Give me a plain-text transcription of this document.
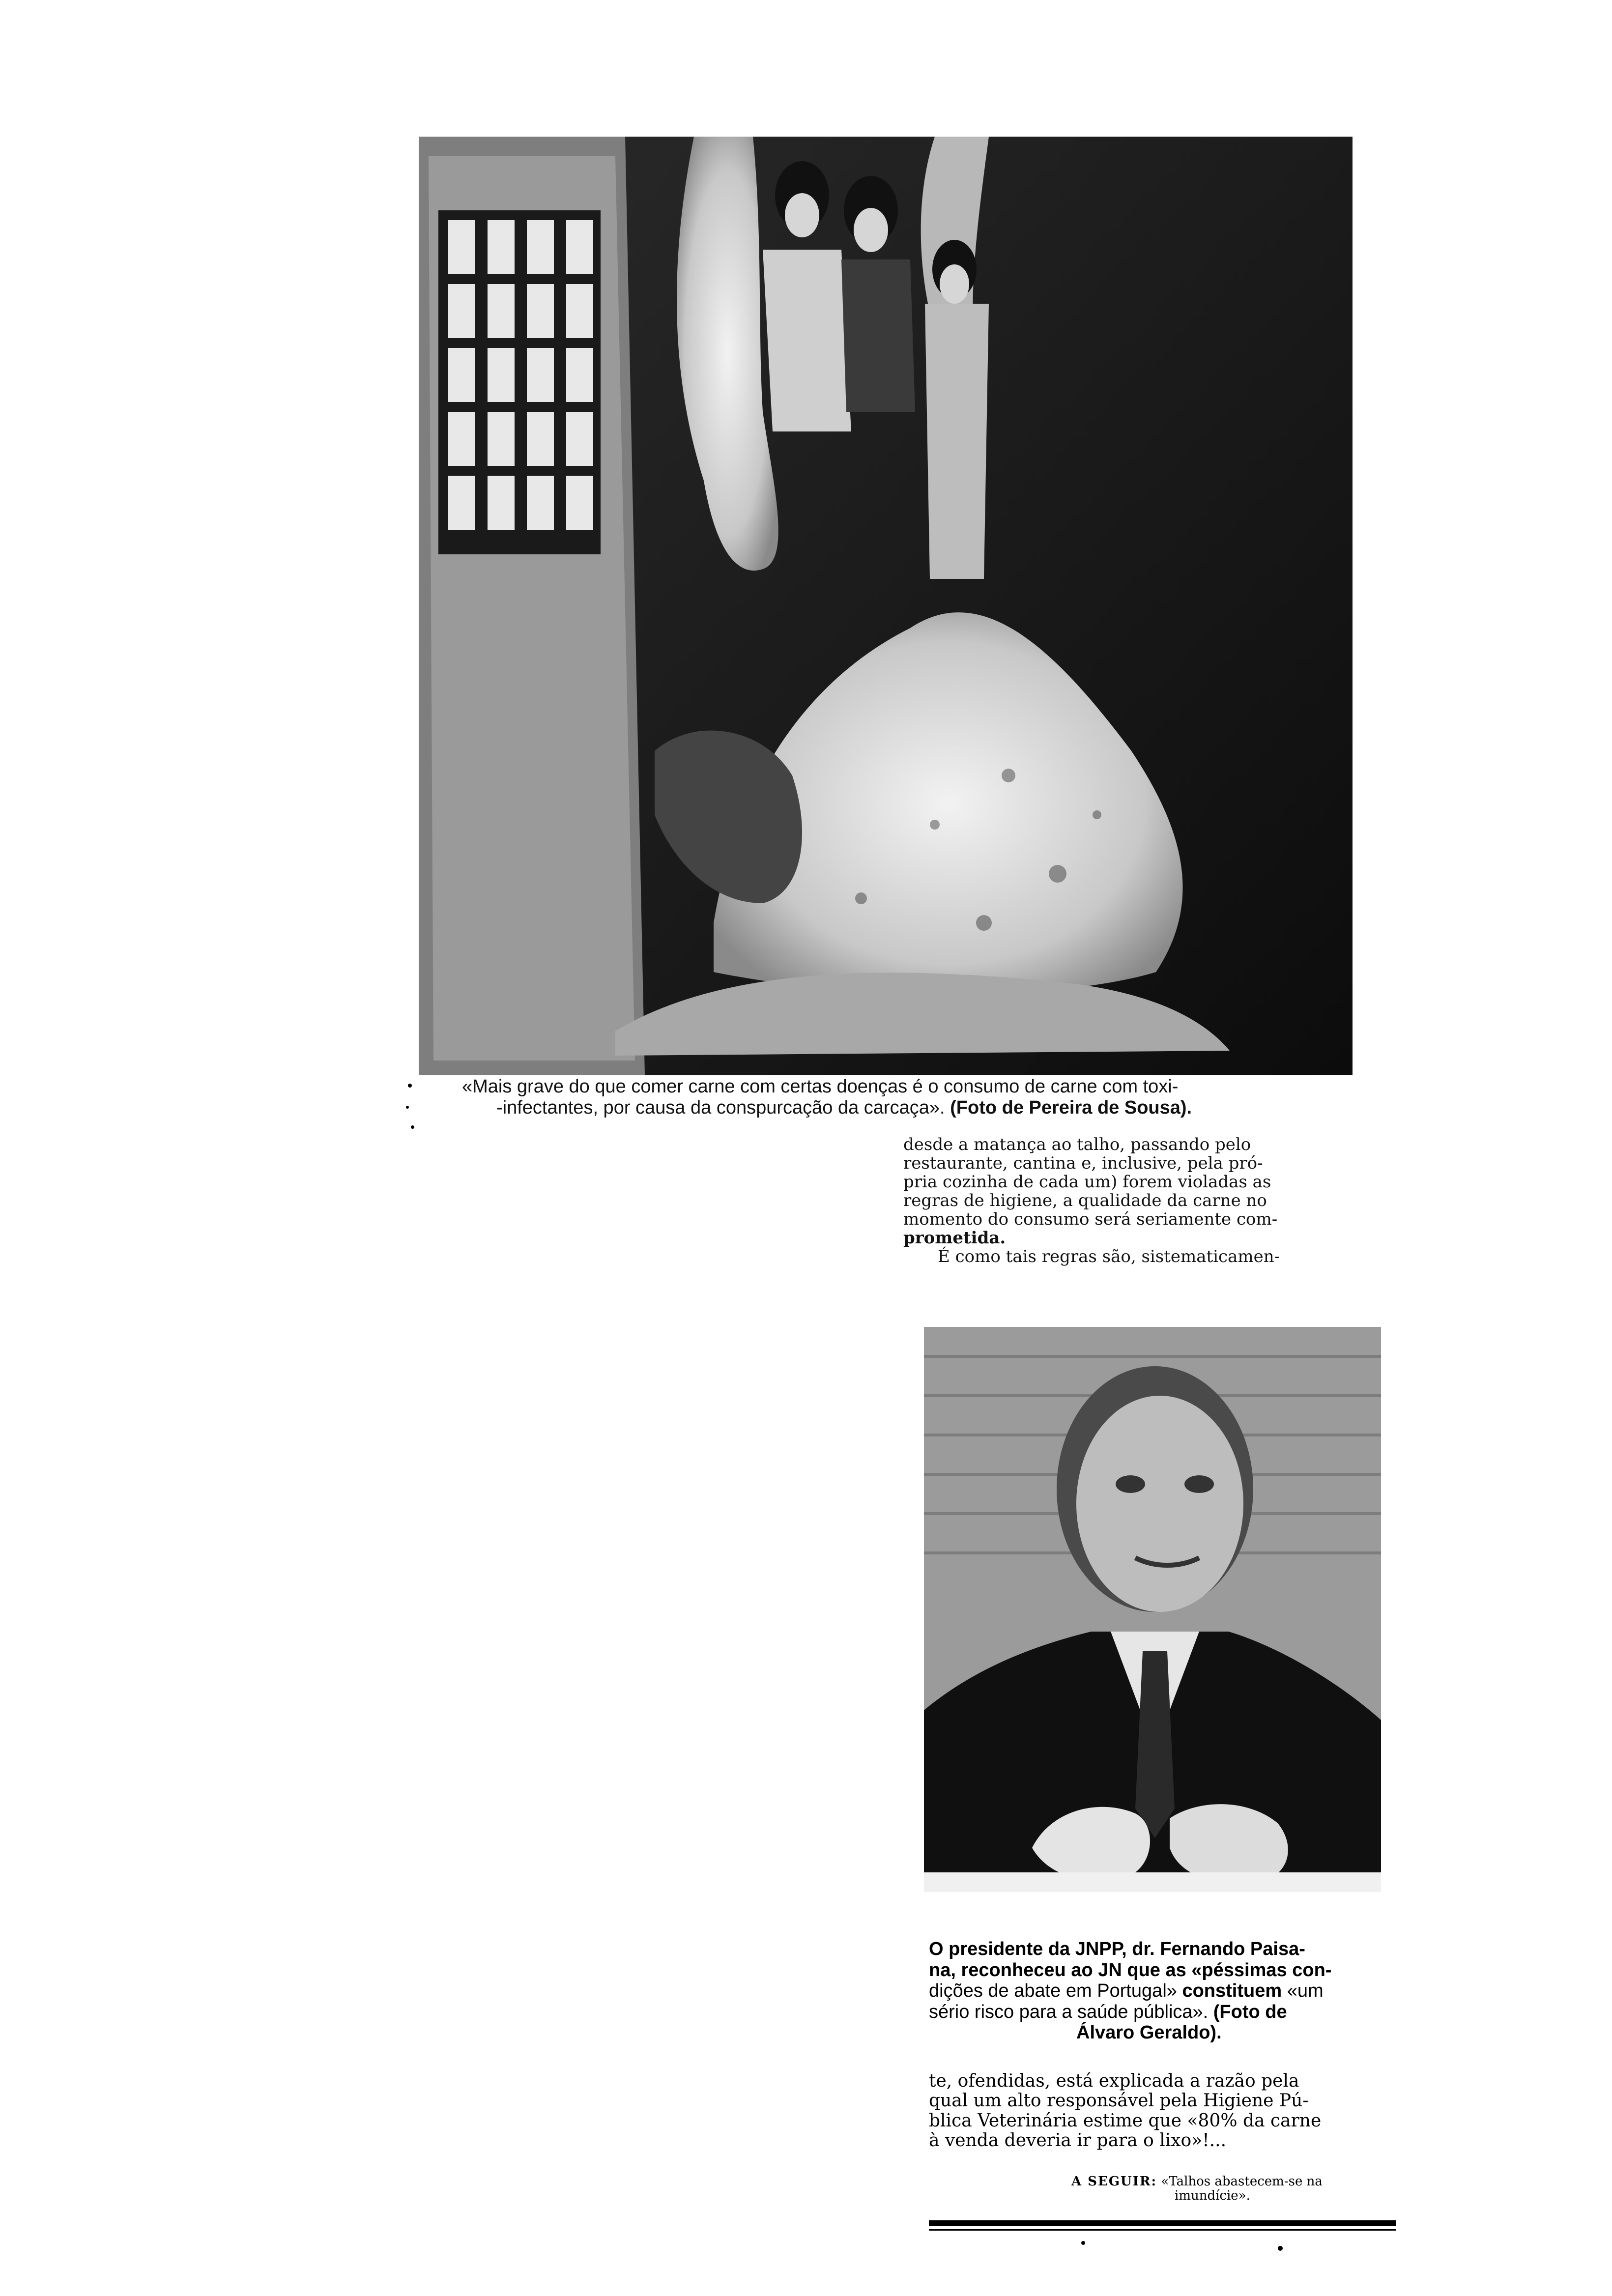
«Mais grave do que comer carne com certas doenças é o consumo de carne com toxi-
-infectantes, por causa da conspurcação da carcaça». (Foto de Pereira de Sousa).
desde a matança ao talho, passando pelo
restaurante, cantina e, inclusive, pela pró-
pria cozinha de cada um) forem violadas as
regras de higiene, a qualidade da carne no
momento do consumo será seriamente com-
prometida.
É como tais regras são, sistematicamen-
O presidente da JNPP, dr. Fernando Paisa-
na, reconheceu ao JN que as «péssimas con-
dições de abate em Portugal» constituem «um
sério risco para a saúde pública». (Foto de
Álvaro Geraldo).
te, ofendidas, está explicada a razão pela
qual um alto responsável pela Higiene Pú-
blica Veterinária estime que «80% da carne
à venda deveria ir para o lixo»!...
A SEGUIR: «Talhos abastecem-se na
imundície».
